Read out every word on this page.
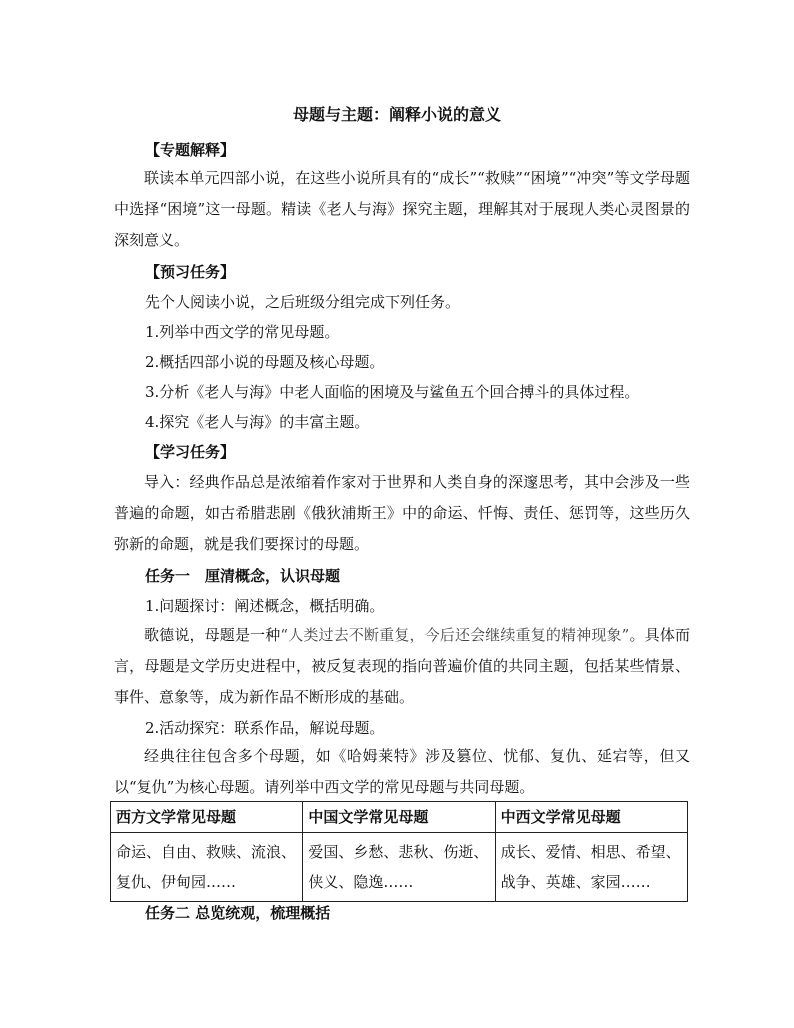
母题与主题：阐释小说的意义
【专题解释】

联读本单元四部小说，在这些小说所具有的“成长”“救赎”“困境”“冲突”等文学母题中选择“困境”这一母题。精读《老人与海》探究主题，理解其对于展现人类心灵图景的深刻意义。

【预习任务】
先个人阅读小说，之后班级分组完成下列任务。
1.列举中西文学的常见母题。
2.概括四部小说的母题及核心母题。
3.分析《老人与海》中老人面临的困境及与鲨鱼五个回合搏斗的具体过程。
4.探究《老人与海》的丰富主题。
【学习任务】

导入：经典作品总是浓缩着作家对于世界和人类自身的深邃思考，其中会涉及一些普遍的命题，如古希腊悲剧《俄狄浦斯王》中的命运、忏悔、责任、惩罚等，这些历久弥新的命题，就是我们要探讨的母题。

任务一　厘清概念，认识母题
1.问题探讨：阐述概念，概括明确。

歌德说，母题是一种“人类过去不断重复，今后还会继续重复的精神现象”。具体而言，母题是文学历史进程中，被反复表现的指向普遍价值的共同主题，包括某些情景、事件、意象等，成为新作品不断形成的基础。

2.活动探究：联系作品，解说母题。

经典往往包含多个母题，如《哈姆莱特》涉及篡位、忧郁、复仇、延宕等，但又以“复仇”为核心母题。请列举中西文学的常见母题与共同母题。

西方文学常见母题	中国文学常见母题	中西文学常见母题
命运、自由、救赎、流浪、复仇、伊甸园……	爱国、乡愁、悲秋、伤逝、侠义、隐逸……	成长、爱情、相思、希望、战争、英雄、家园……
任务二 总览统观，梳理概括
